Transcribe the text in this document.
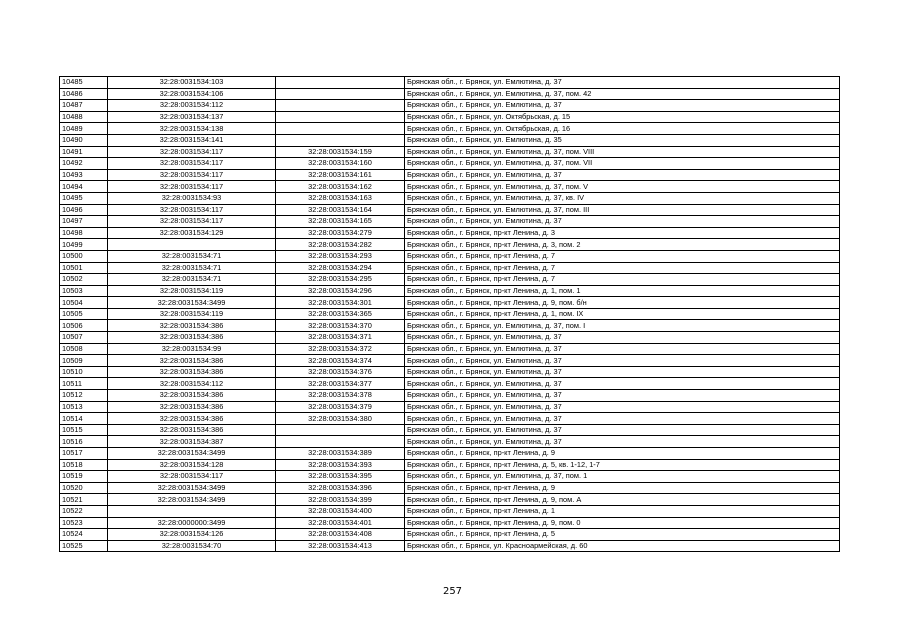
10485	32:28:0031534:103		Брянская обл., г. Брянск, ул. Емлютина, д. 37
10486	32:28:0031534:106		Брянская обл., г. Брянск, ул. Емлютина, д. 37, пом. 42
10487	32:28:0031534:112		Брянская обл., г. Брянск, ул. Емлютина, д. 37
10488	32:28:0031534:137		Брянская обл., г. Брянск, ул. Октябрьская, д. 15
10489	32:28:0031534:138		Брянская обл., г. Брянск, ул. Октябрьская, д. 16
10490	32:28:0031534:141		Брянская обл., г. Брянск, ул. Емлютина, д. 35
10491	32:28:0031534:117	32:28:0031534:159	Брянская обл., г. Брянск, ул. Емлютина, д. 37, пом. VIII
10492	32:28:0031534:117	32:28:0031534:160	Брянская обл., г. Брянск, ул. Емлютина, д. 37, пом. VII
10493	32:28:0031534:117	32:28:0031534:161	Брянская обл., г. Брянск, ул. Емлютина, д. 37
10494	32:28:0031534:117	32:28:0031534:162	Брянская обл., г. Брянск, ул. Емлютина, д. 37, пом. V
10495	32:28:0031534:93	32:28:0031534:163	Брянская обл., г. Брянск, ул. Емлютина, д. 37, кв. IV
10496	32:28:0031534:117	32:28:0031534:164	Брянская обл., г. Брянск, ул. Емлютина, д. 37, пом. III
10497	32:28:0031534:117	32:28:0031534:165	Брянская обл., г. Брянск, ул. Емлютина, д. 37
10498	32:28:0031534:129	32:28:0031534:279	Брянская обл., г. Брянск, пр-кт Ленина, д. 3
10499		32:28:0031534:282	Брянская обл., г. Брянск, пр-кт Ленина, д. 3, пом. 2
10500	32:28:0031534:71	32:28:0031534:293	Брянская обл., г. Брянск, пр-кт Ленина, д. 7
10501	32:28:0031534:71	32:28:0031534:294	Брянская обл., г. Брянск, пр-кт Ленина, д. 7
10502	32:28:0031534:71	32:28:0031534:295	Брянская обл., г. Брянск, пр-кт Ленина, д. 7
10503	32:28:0031534:119	32:28:0031534:296	Брянская обл., г. Брянск, пр-кт Ленина, д. 1, пом. 1
10504	32:28:0031534:3499	32:28:0031534:301	Брянская обл., г. Брянск, пр-кт Ленина, д. 9, пом. б/н
10505	32:28:0031534:119	32:28:0031534:365	Брянская обл., г. Брянск, пр-кт Ленина, д. 1, пом. IX
10506	32:28:0031534:386	32:28:0031534:370	Брянская обл., г. Брянск, ул. Емлютина, д. 37, пом. I
10507	32:28:0031534:386	32:28:0031534:371	Брянская обл., г. Брянск, ул. Емлютина, д. 37
10508	32:28:0031534:99	32:28:0031534:372	Брянская обл., г. Брянск, ул. Емлютина, д. 37
10509	32:28:0031534:386	32:28:0031534:374	Брянская обл., г. Брянск, ул. Емлютина, д. 37
10510	32:28:0031534:386	32:28:0031534:376	Брянская обл., г. Брянск, ул. Емлютина, д. 37
10511	32:28:0031534:112	32:28:0031534:377	Брянская обл., г. Брянск, ул. Емлютина, д. 37
10512	32:28:0031534:386	32:28:0031534:378	Брянская обл., г. Брянск, ул. Емлютина, д. 37
10513	32:28:0031534:386	32:28:0031534:379	Брянская обл., г. Брянск, ул. Емлютина, д. 37
10514	32:28:0031534:386	32:28:0031534:380	Брянская обл., г. Брянск, ул. Емлютина, д. 37
10515	32:28:0031534:386		Брянская обл., г. Брянск, ул. Емлютина, д. 37
10516	32:28:0031534:387		Брянская обл., г. Брянск, ул. Емлютина, д. 37
10517	32:28:0031534:3499	32:28:0031534:389	Брянская обл., г. Брянск, пр-кт Ленина, д. 9
10518	32:28:0031534:128	32:28:0031534:393	Брянская обл., г. Брянск, пр-кт Ленина, д. 5, кв. 1-12, 1-7
10519	32:28:0031534:117	32:28:0031534:395	Брянская обл., г. Брянск, ул. Емлютина, д. 37, пом. 1
10520	32:28:0031534:3499	32:28:0031534:396	Брянская обл., г. Брянск, пр-кт Ленина, д. 9
10521	32:28:0031534:3499	32:28:0031534:399	Брянская обл., г. Брянск, пр-кт Ленина, д. 9, пом. А
10522		32:28:0031534:400	Брянская обл., г. Брянск, пр-кт Ленина, д. 1
10523	32:28:0000000:3499	32:28:0031534:401	Брянская обл., г. Брянск, пр-кт Ленина, д. 9, пом. 0
10524	32:28:0031534:126	32:28:0031534:408	Брянская обл., г. Брянск, пр-кт Ленина, д. 5
10525	32:28:0031534:70	32:28:0031534:413	Брянская обл., г. Брянск, ул. Красноармейская, д. 60
257
